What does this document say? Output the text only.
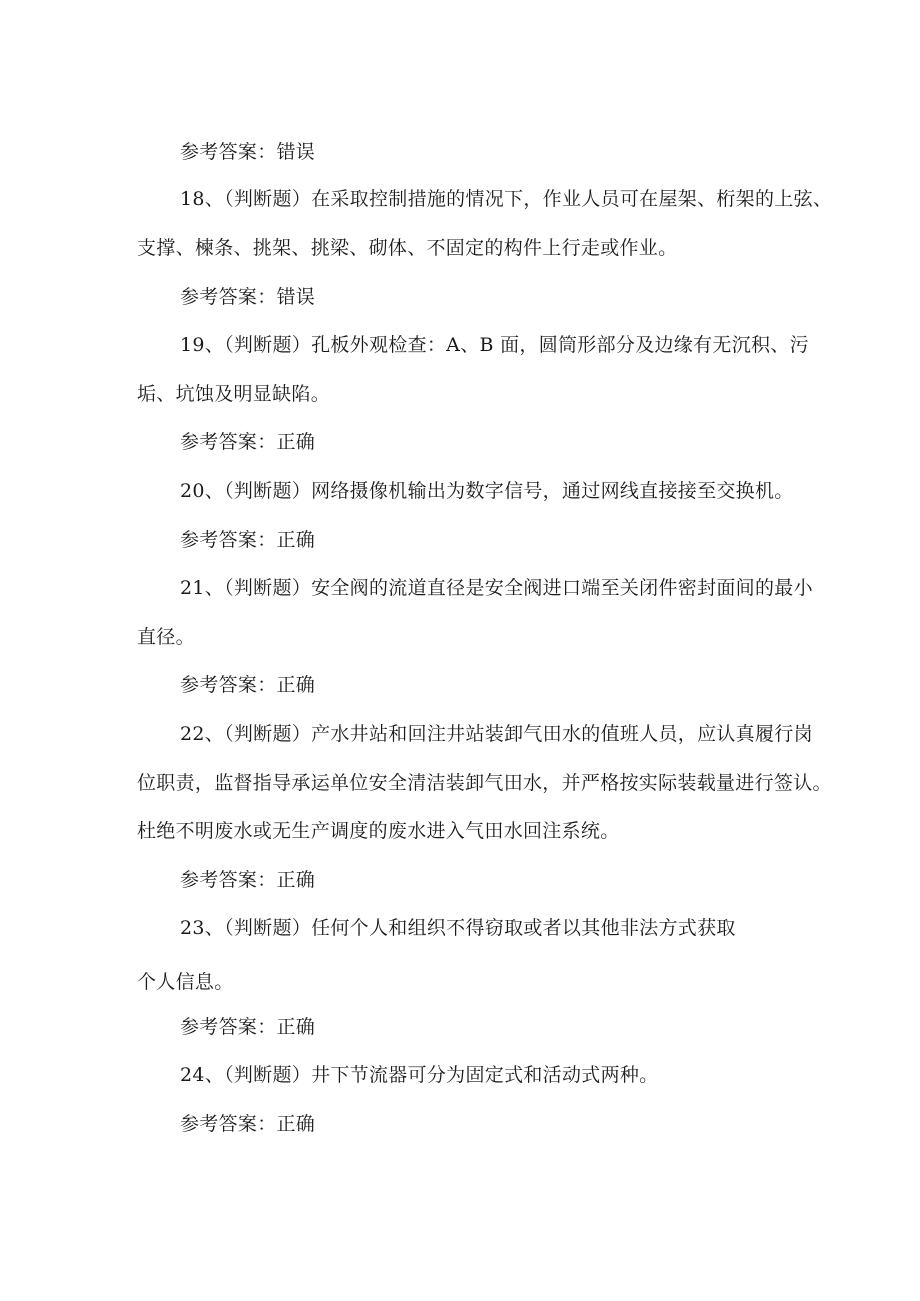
参考答案：错误
18、（判断题）在采取控制措施的情况下，作业人员可在屋架、桁架的上弦、
支撑、楝条、挑架、挑梁、砌体、不固定的构件上行走或作业。
参考答案：错误
19、（判断题）孔板外观检查：A、B 面，圆筒形部分及边缘有无沉积、污
垢、坑蚀及明显缺陷。
参考答案：正确
20、（判断题）网络摄像机输出为数字信号，通过网线直接接至交换机。
参考答案：正确
21、（判断题）安全阀的流道直径是安全阀进口端至关闭件密封面间的最小
直径。
参考答案：正确
22、（判断题）产水井站和回注井站装卸气田水的值班人员，应认真履行岗
位职责，监督指导承运单位安全清洁装卸气田水，并严格按实际装载量进行签认。
杜绝不明废水或无生产调度的废水进入气田水回注系统。
参考答案：正确
23、（判断题）任何个人和组织不得窃取或者以其他非法方式获取
个人信息。
参考答案：正确
24、（判断题）井下节流器可分为固定式和活动式两种。
参考答案：正确
